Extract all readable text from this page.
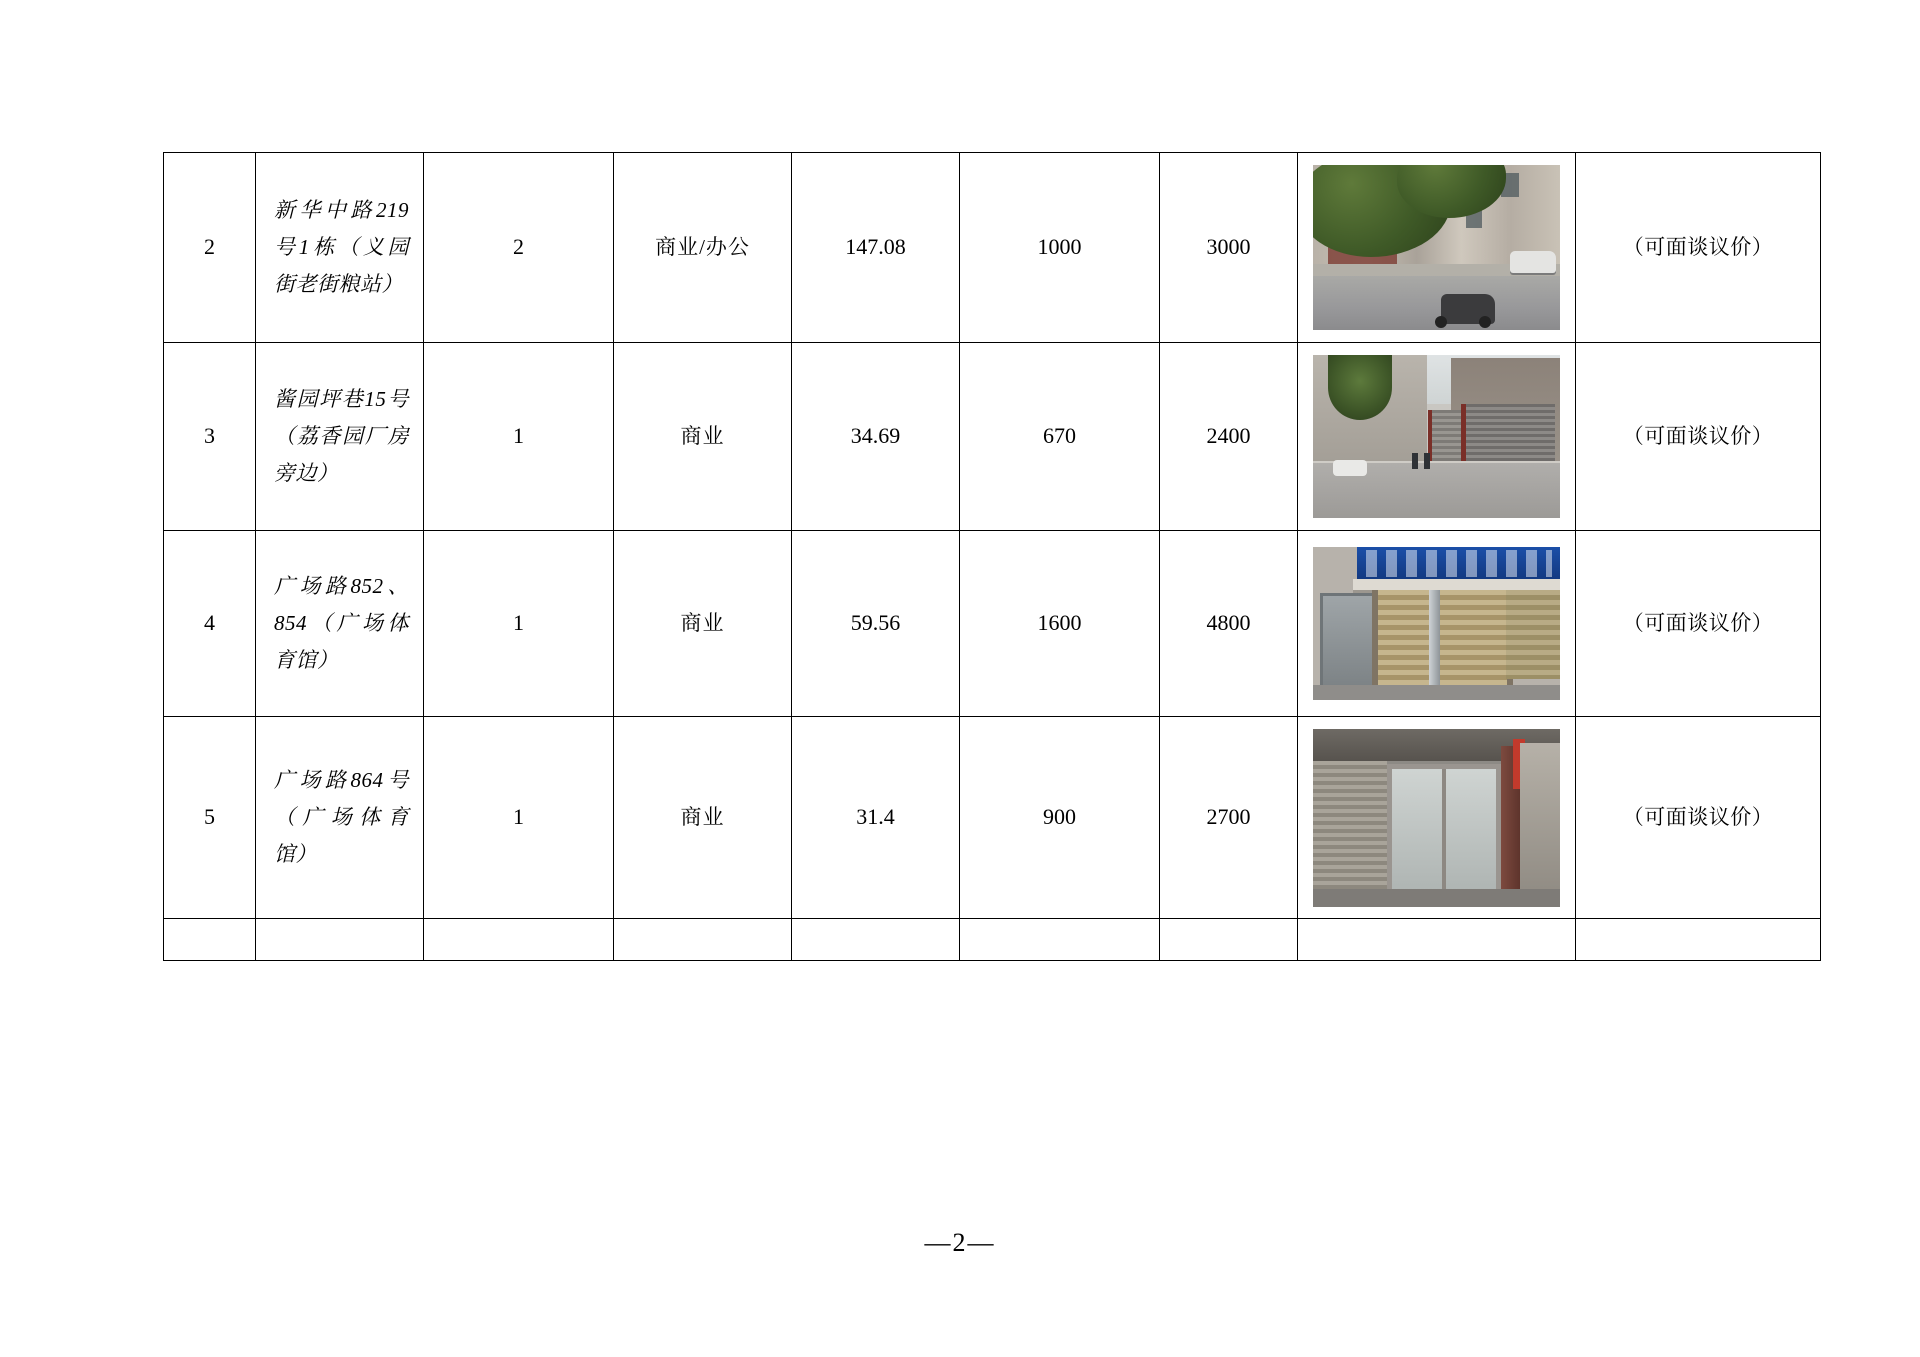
2	新华中路219号1栋（义园街老街粮站）	2	商业/办公	147.08	1000	3000		（可面谈议价）

3	酱园坪巷15号（荔香园厂房旁边）	1	商业	34.69	670	2400		（可面谈议价）

4	广场路852、854（广场体育馆）	1	商业	59.56	1600	4800		（可面谈议价）

5	广场路864号（广场体育馆）	1	商业	31.4	900	2700		（可面谈议价）

—2—
